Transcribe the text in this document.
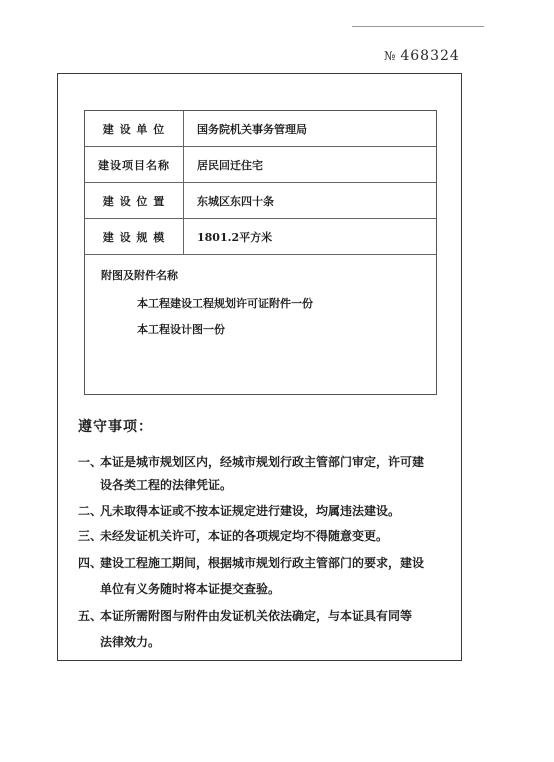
№ 468324
建 设 单 位	国务院机关事务管理局
建设项目名称	居民回迁住宅
建 设 位 置	东城区东四十条
建 设 规 模	1801.2平方米
附图及附件名称
本工程建设工程规划许可证附件一份
本工程设计图一份
遵守事项：
一、
本证是城市规划区内，经城市规划行政主管部门审定，许可建
设各类工程的法律凭证。
二、
凡未取得本证或不按本证规定进行建设，均属违法建设。
三、
未经发证机关许可，本证的各项规定均不得随意变更。
四、
建设工程施工期间，根据城市规划行政主管部门的要求，建设
单位有义务随时将本证提交查验。
五、
本证所需附图与附件由发证机关依法确定，与本证具有同等
法律效力。
